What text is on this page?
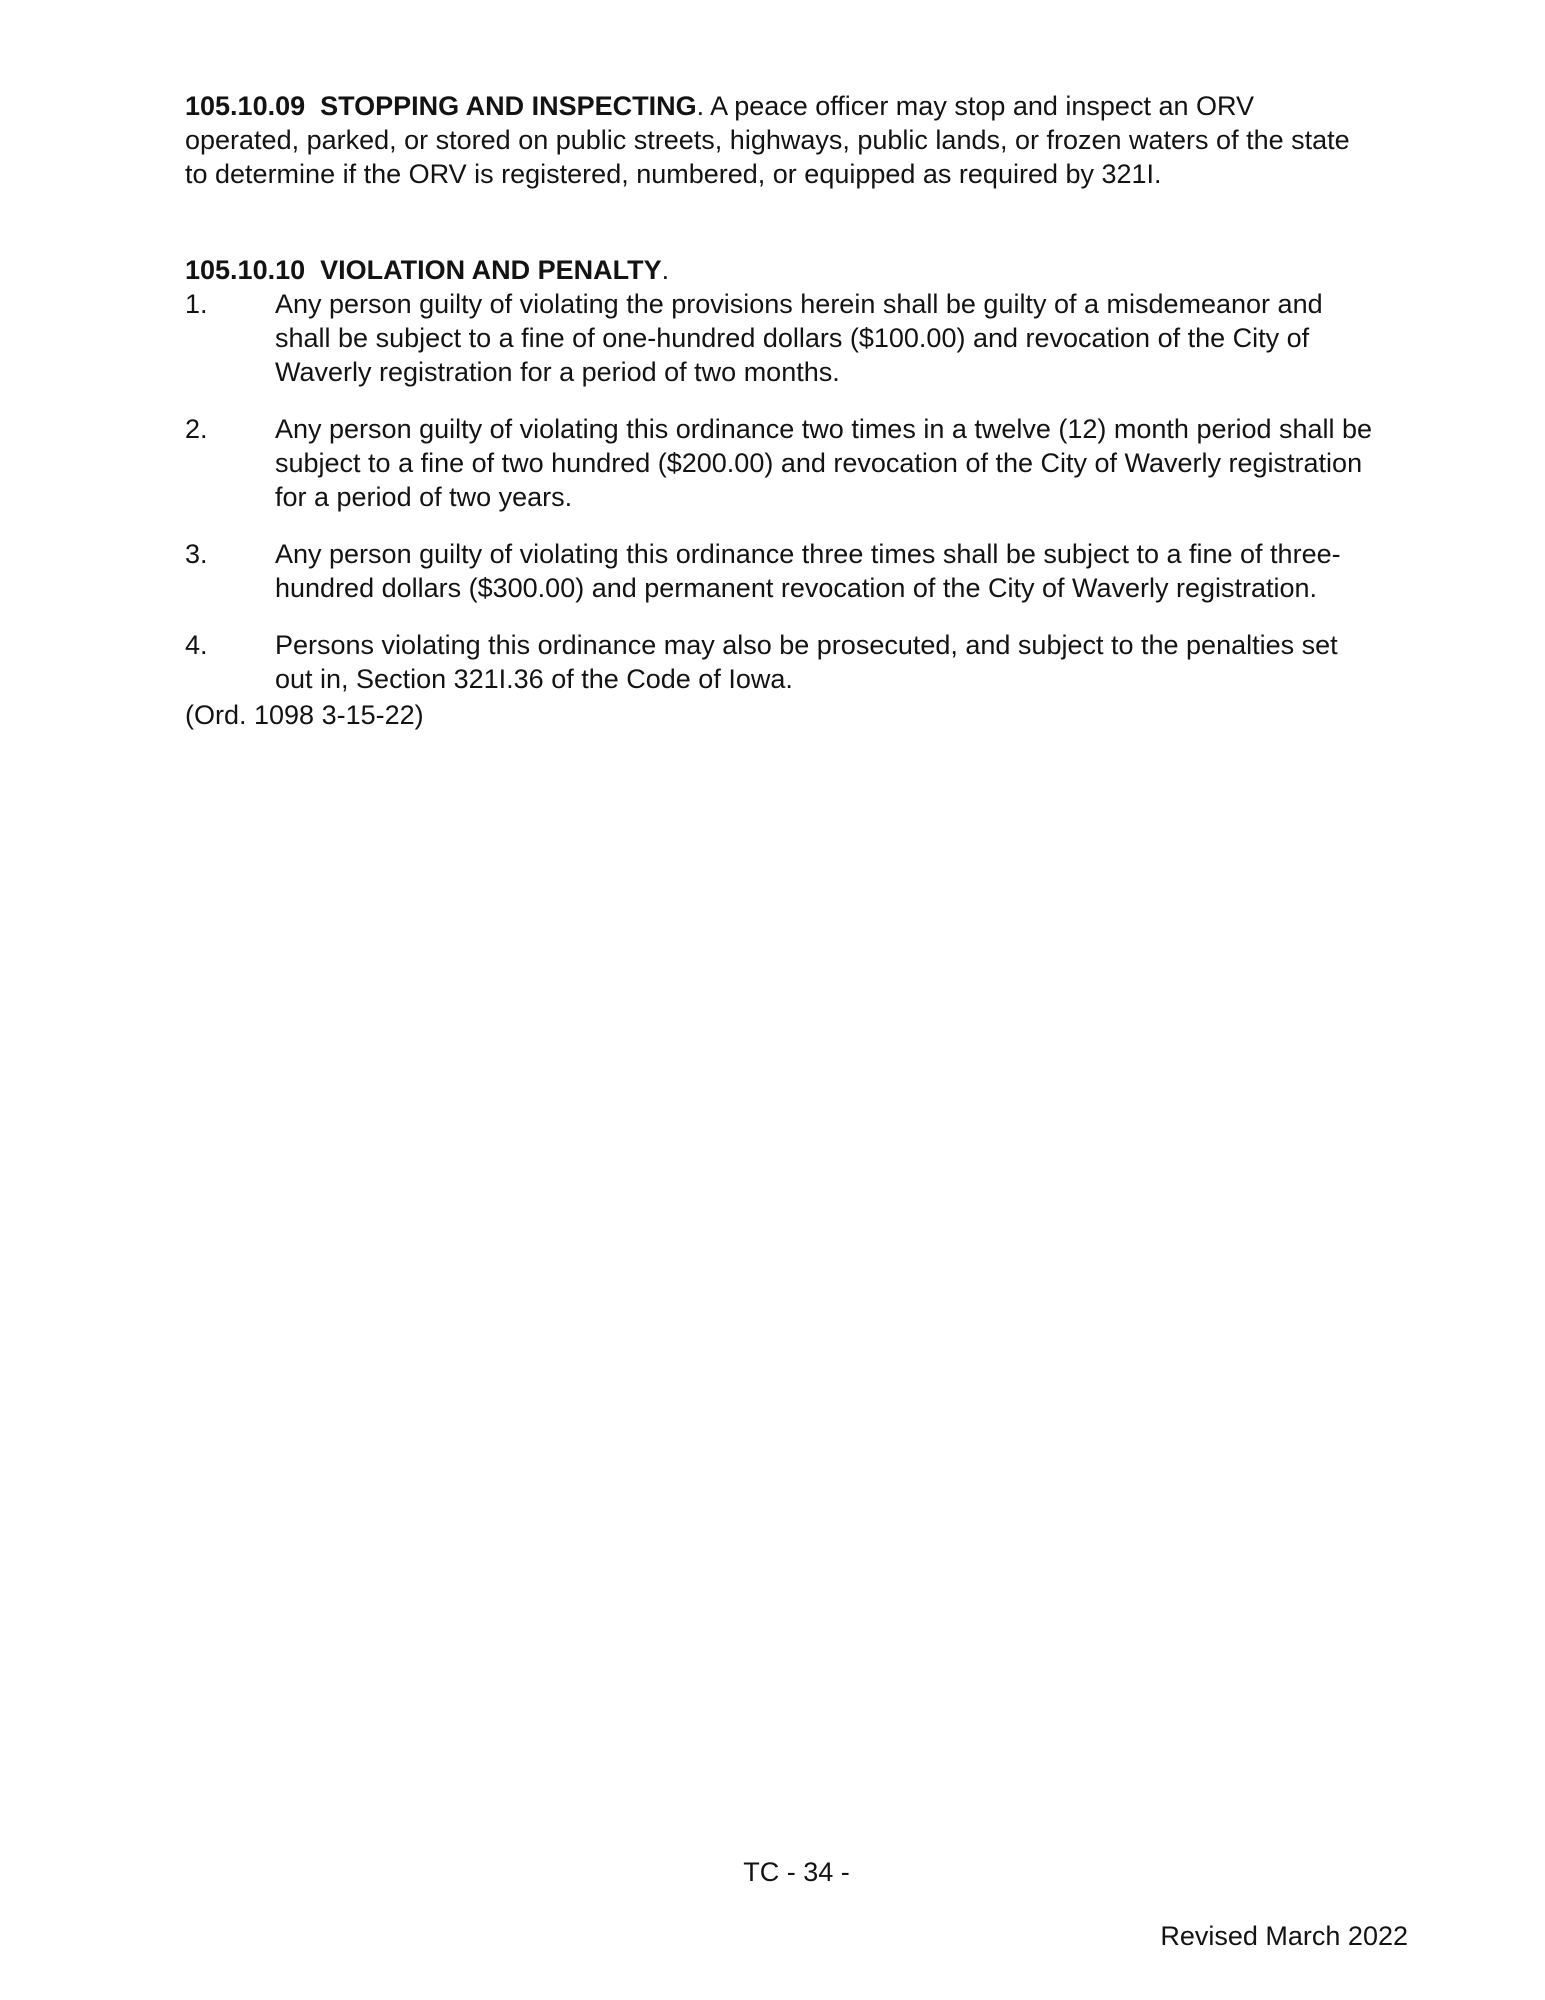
105.10.09  STOPPING AND INSPECTING. A peace officer may stop and inspect an ORV
operated, parked, or stored on public streets, highways, public lands, or frozen waters of the state
to determine if the ORV is registered, numbered, or equipped as required by 321I.
105.10.10  VIOLATION AND PENALTY.
1. Any person guilty of violating the provisions herein shall be guilty of a misdemeanor and
shall be subject to a fine of one-hundred dollars ($100.00) and revocation of the City of
Waverly registration for a period of two months.
2. Any person guilty of violating this ordinance two times in a twelve (12) month period shall be
subject to a fine of two hundred ($200.00) and revocation of the City of Waverly registration
for a period of two years.
3. Any person guilty of violating this ordinance three times shall be subject to a fine of three-
hundred dollars ($300.00) and permanent revocation of the City of Waverly registration.
4. Persons violating this ordinance may also be prosecuted, and subject to the penalties set
out in, Section 321I.36 of the Code of Iowa.
(Ord. 1098 3-15-22)
TC - 34 -
Revised March 2022
